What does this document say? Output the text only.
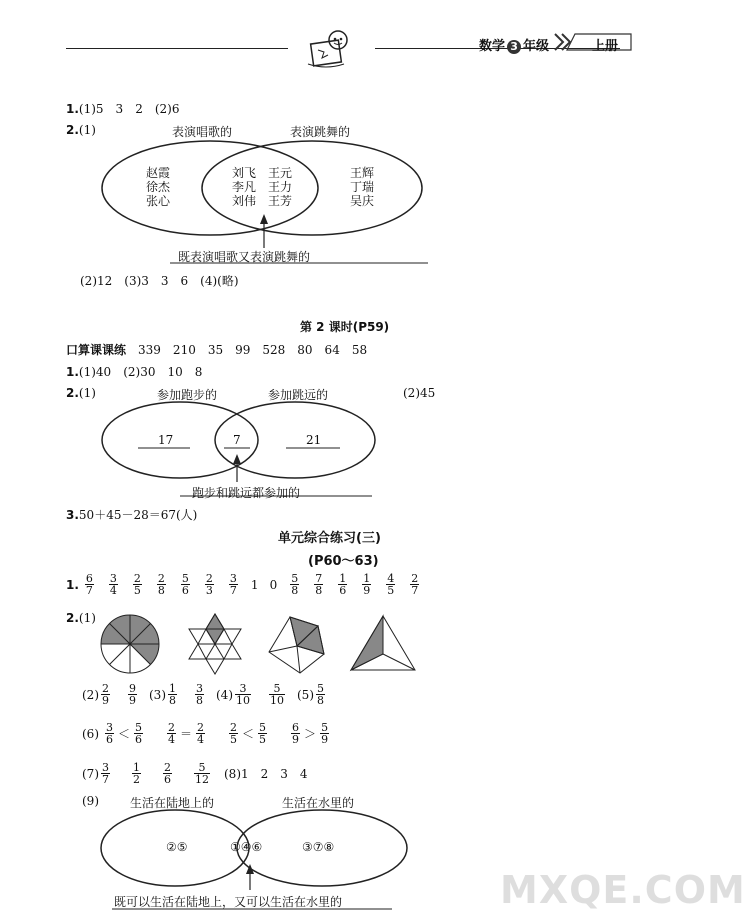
数学 3 年级	上册
1.(1)5　3　2　(2)6
2.(1)	表演唱歌的	表演跳舞的
赵霞
徐杰
张心
刘飞　王元
李凡　王力
刘伟　王芳
王辉
丁瑞
吴庆
既表演唱歌又表演跳舞的
(2)12　(3)3　3　6　(4)(略)
第 2 课时(P59)
口算课课练　 339　210　35　99　528　80　64　58
1.(1)40　(2)30　10　8
2.(1)	参加跑步的	参加跳远的	(2)45
17	7	21
跑步和跳远都参加的
3.50＋45－28＝67(人)
单元综合练习(三)
(P60～63)
1. $\frac{6}{7} \frac{3}{4} \frac{2}{5} \frac{2}{8} \frac{5}{6} \frac{2}{3} \frac{3}{7} 1$ $0 \frac{5}{8} \frac{7}{8} \frac{1}{6} \frac{1}{9} \frac{4}{5} \frac{2}{7}$
2.(1)
$(2) \frac{2}{9} \frac{9}{9} (3) \frac{1}{8} \frac{3}{8} (4) \frac{3}{10} \frac{5}{10} (5) \frac{5}{8}$
$(6) \frac{3}{6} < \frac{5}{6} \frac{2}{4} = \frac{2}{4} \frac{2}{5} < \frac{5}{5} \frac{6}{9} > \frac{5}{9}$
$(7) \frac{3}{7} \frac{1}{2} \frac{2}{6} \frac{5}{12} (8)1$　2　3　4
(9)	生活在陆地上的	生活在水里的
②⑤	①④⑥	③⑦⑧
既可以生活在陆地上，又可以生活在水里的	MXQE.COM
